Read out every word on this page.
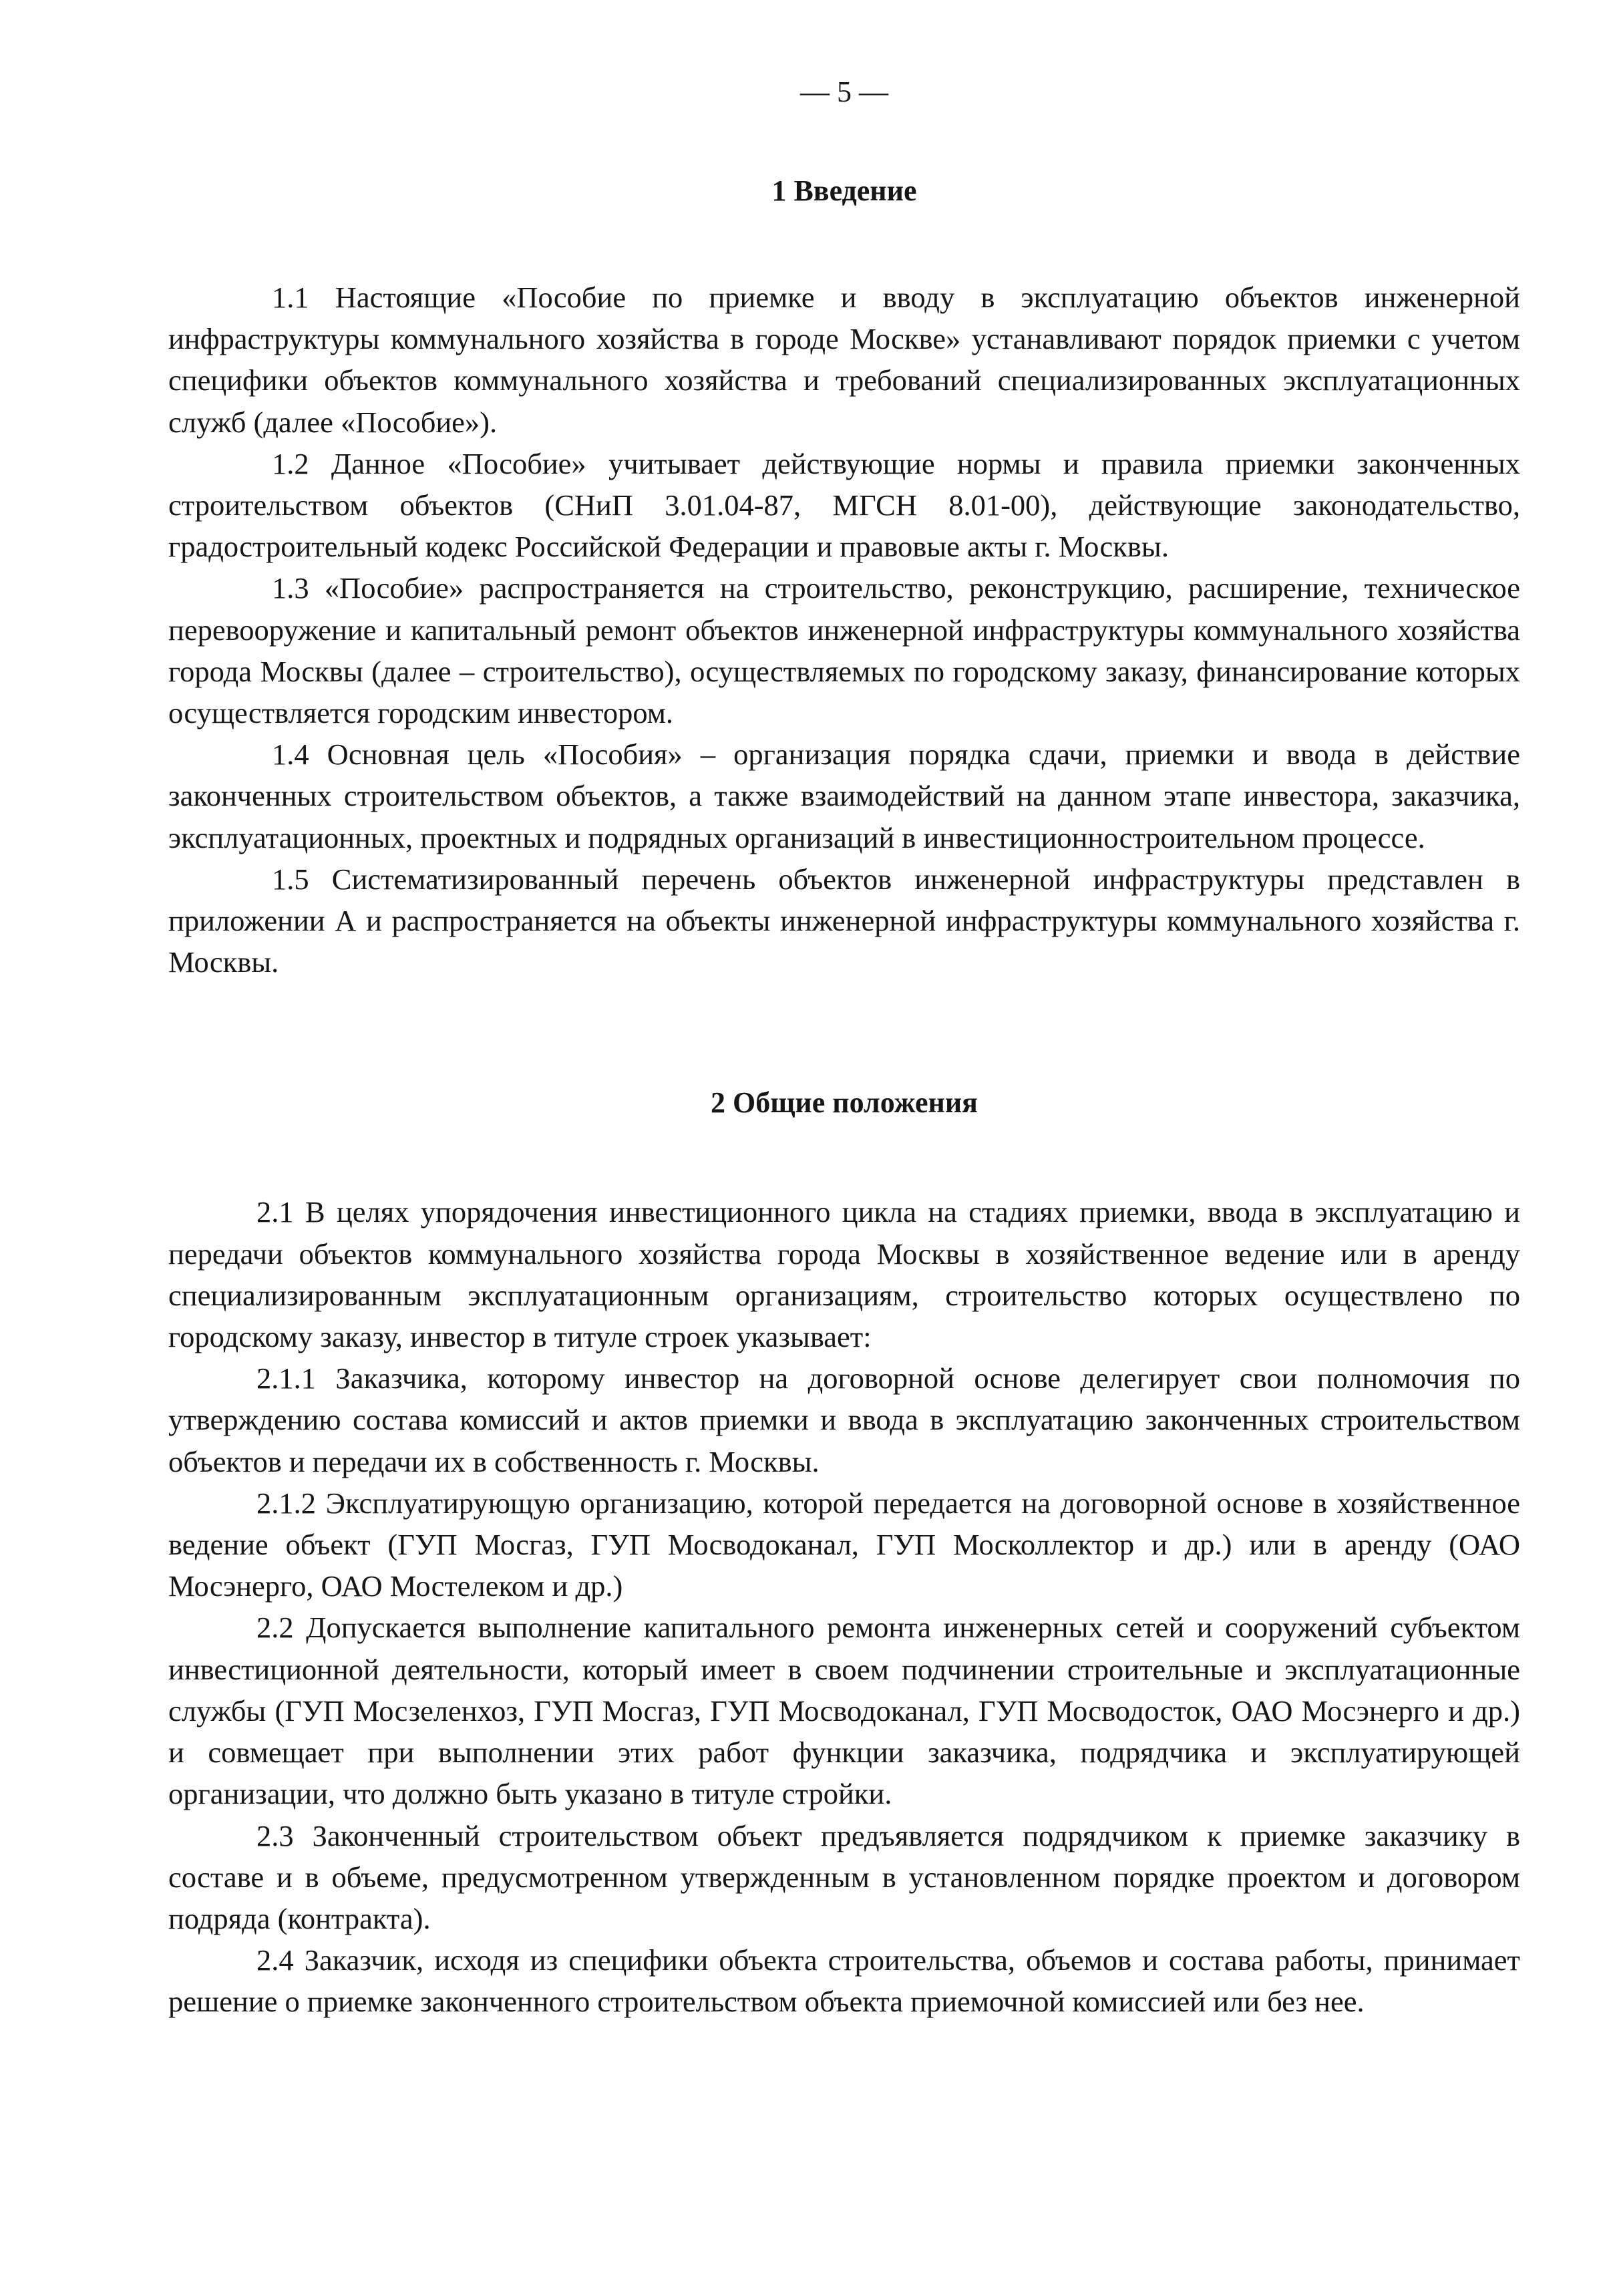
— 5 —
1 Введение

1.1 Настоящие «Пособие по приемке и вводу в эксплуатацию объектов инженерной инфраструктуры коммунального хозяйства в городе Москве» устанавливают порядок приемки с учетом специфики объектов коммунального хозяйства и требований специализированных эксплуатационных служб (далее «Пособие»).

1.2 Данное «Пособие» учитывает действующие нормы и правила приемки законченных строительством объектов (СНиП 3.01.04-87, МГСН 8.01-00), действующие законодательство, градостроительный кодекс Российской Федерации и правовые акты г. Москвы.

1.3 «Пособие» распространяется на строительство, реконструкцию, расширение, техническое перевооружение и капитальный ремонт объектов инженерной инфраструктуры коммунального хозяйства города Москвы (далее – строительство), осуществляемых по городскому заказу, финансирование которых осуществляется городским инвестором.

1.4 Основная цель «Пособия» – организация порядка сдачи, приемки и ввода в действие законченных строительством объектов, а также взаимодействий на данном этапе инвестора, заказчика, эксплуатационных, проектных и подрядных организаций в инвестиционностроительном процессе.

1.5 Систематизированный перечень объектов инженерной инфраструктуры представлен в приложении А и распространяется на объекты инженерной инфраструктуры коммунального хозяйства г. Москвы.

2 Общие положения

2.1 В целях упорядочения инвестиционного цикла на стадиях приемки, ввода в эксплуатацию и передачи объектов коммунального хозяйства города Москвы в хозяйственное ведение или в аренду специализированным эксплуатационным организациям, строительство которых осуществлено по городскому заказу, инвестор в титуле строек указывает:

2.1.1 Заказчика, которому инвестор на договорной основе делегирует свои полномочия по утверждению состава комиссий и актов приемки и ввода в эксплуатацию законченных строительством объектов и передачи их в собственность г. Москвы.

2.1.2 Эксплуатирующую организацию, которой передается на договорной основе в хозяйственное ведение объект (ГУП Мосгаз, ГУП Мосводоканал, ГУП Москоллектор и др.) или в аренду (ОАО Мосэнерго, ОАО Мостелеком и др.)

2.2 Допускается выполнение капитального ремонта инженерных сетей и сооружений субъектом инвестиционной деятельности, который имеет в своем подчинении строительные и эксплуатационные службы (ГУП Мосзеленхоз, ГУП Мосгаз, ГУП Мосводоканал, ГУП Мосводосток, ОАО Мосэнерго и др.) и совмещает при выполнении этих работ функции заказчика, подрядчика и эксплуатирующей организации, что должно быть указано в титуле стройки.

2.3 Законченный строительством объект предъявляется подрядчиком к приемке заказчику в составе и в объеме, предусмотренном утвержденным в установленном порядке проектом и договором подряда (контракта).

2.4 Заказчик, исходя из специфики объекта строительства, объемов и состава работы, принимает решение о приемке законченного строительством объекта приемочной комиссией или без нее.
